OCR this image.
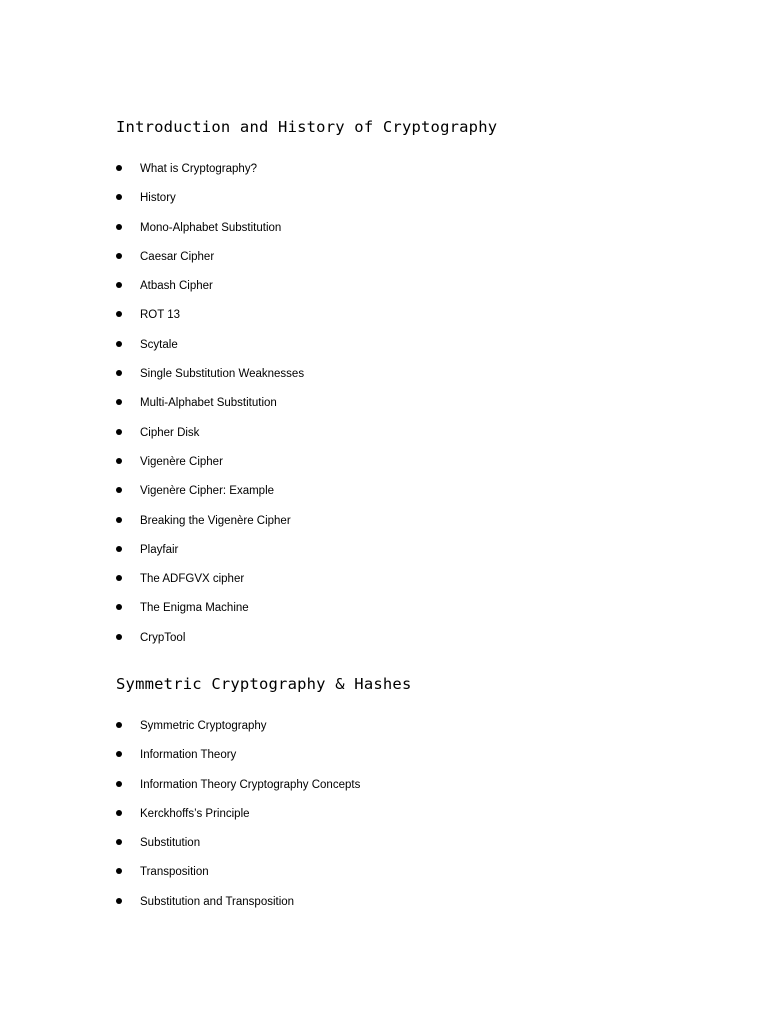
Introduction and History of Cryptography
What is Cryptography?
History
Mono-Alphabet Substitution
Caesar Cipher
Atbash Cipher
ROT 13
Scytale
Single Substitution Weaknesses
Multi-Alphabet Substitution
Cipher Disk
Vigenère Cipher
Vigenère Cipher: Example
Breaking the Vigenère Cipher
Playfair
The ADFGVX cipher
The Enigma Machine
CrypTool
Symmetric Cryptography & Hashes
Symmetric Cryptography
Information Theory
Information Theory Cryptography Concepts
Kerckhoffs’s Principle
Substitution
Transposition
Substitution and Transposition
